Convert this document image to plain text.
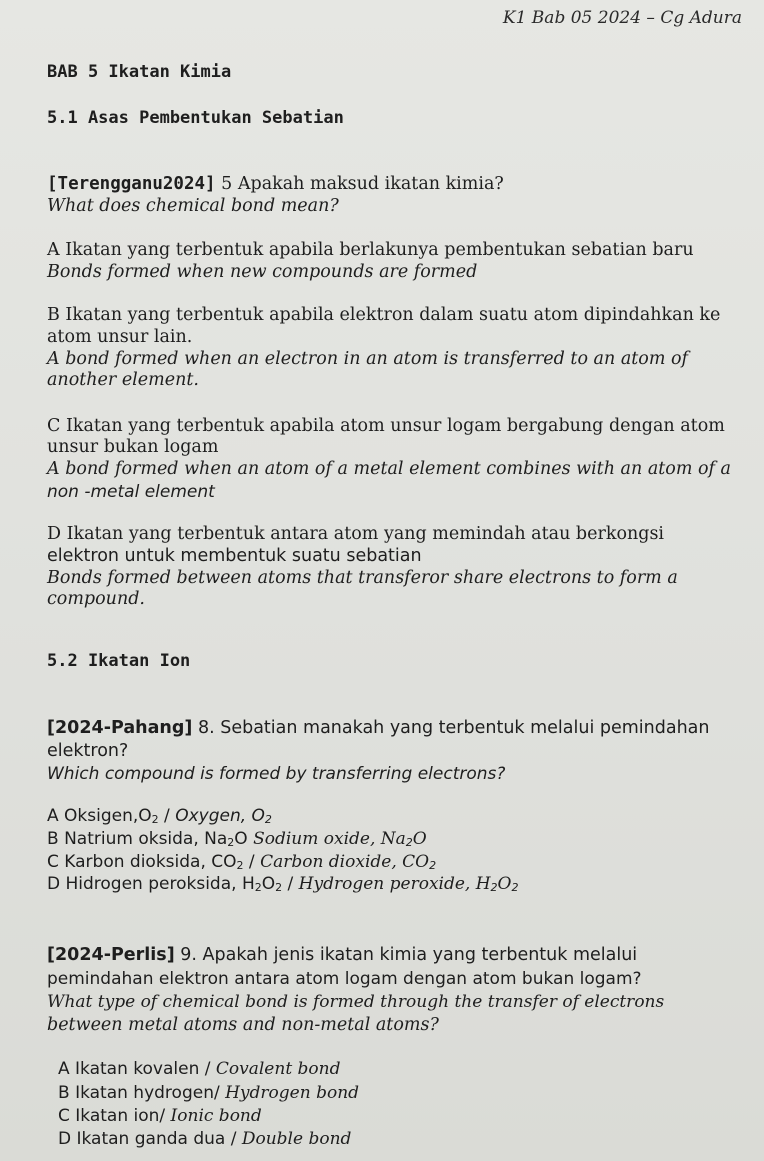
K1 Bab 05 2024 – Cg Adura
BAB 5 Ikatan Kimia
5.1 Asas Pembentukan Sebatian
[Terengganu2024] 5 Apakah maksud ikatan kimia?
What does chemical bond mean?
A Ikatan yang terbentuk apabila berlakunya pembentukan sebatian baru
Bonds formed when new compounds are formed
B Ikatan yang terbentuk apabila elektron dalam suatu atom dipindahkan ke
atom unsur lain.
A bond formed when an electron in an atom is transferred to an atom of
another element.
C Ikatan yang terbentuk apabila atom unsur logam bergabung dengan atom
unsur bukan logam
A bond formed when an atom of a metal element combines with an atom of a
non -metal element
D Ikatan yang terbentuk antara atom yang memindah atau berkongsi
elektron untuk membentuk suatu sebatian
Bonds formed between atoms that transferor share electrons to form a
compound.
5.2 Ikatan Ion
[2024-Pahang] 8. Sebatian manakah yang terbentuk melalui pemindahan
elektron?
Which compound is formed by transferring electrons?
A $Oksigen,O_2$ / Oxygen, $O_2$
B Natrium oksida, $Na_2O$ Sodium oxide, $Na_2O$
C Karbon dioksida, $CO_2$ / Carbon dioxide, $CO_2$
D Hidrogen peroksida, $H_2O_2$ / Hydrogen peroxide, $H_2O_2$
[2024-Perlis] 9. Apakah jenis ikatan kimia yang terbentuk melalui
pemindahan elektron antara atom logam dengan atom bukan logam?
What type of chemical bond is formed through the transfer of electrons
between metal atoms and non-metal atoms?
A Ikatan kovalen / Covalent bond
B Ikatan hydrogen/ Hydrogen bond
C Ikatan ion/ Ionic bond
D Ikatan ganda dua / Double bond
